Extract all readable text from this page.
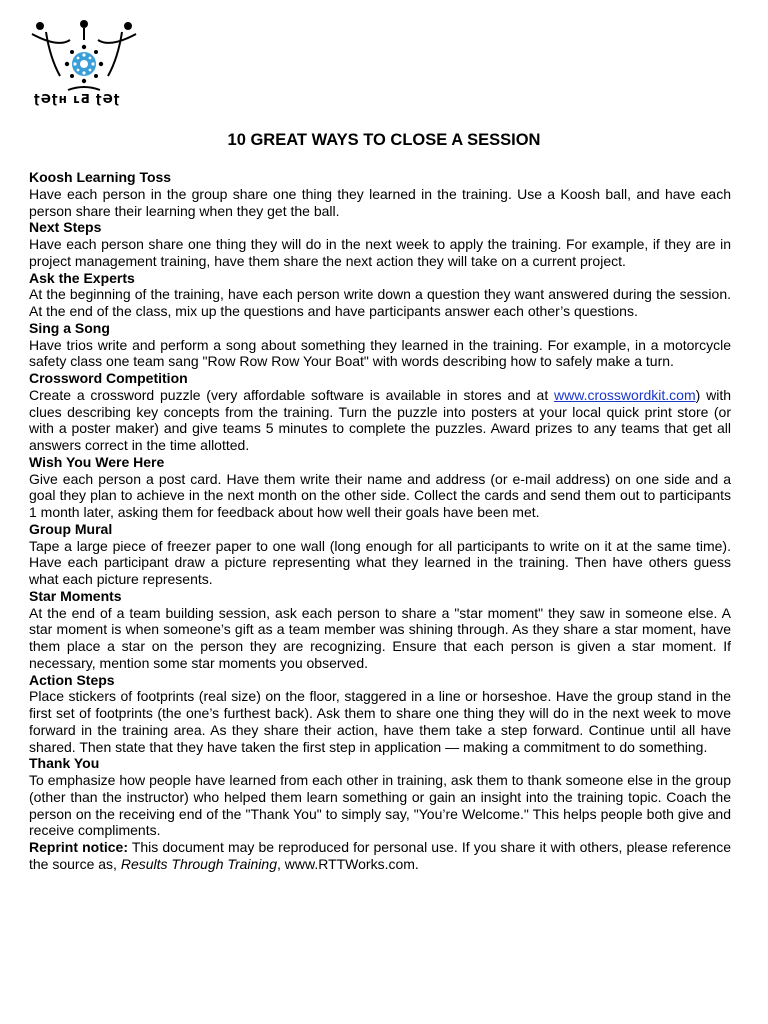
ʈƏʈʜ ʟƋ ʈƏʈ
10 GREAT WAYS TO CLOSE A SESSION
Koosh Learning Toss

Have each person in the group share one thing they learned in the training. Use a Koosh ball, and have each person share their learning when they get the ball.

Next Steps

Have each person share one thing they will do in the next week to apply the training. For example, if they are in project management training, have them share the next action they will take on a current project.

Ask the Experts

At the beginning of the training, have each person write down a question they want answered during the session. At the end of the class, mix up the questions and have participants answer each other’s questions.

Sing a Song

Have trios write and perform a song about something they learned in the training. For example, in a motorcycle safety class one team sang "Row Row Row Your Boat" with words describing how to safely make a turn.

Crossword Competition

Create a crossword puzzle (very affordable software is available in stores and at www.crosswordkit.com) with clues describing key concepts from the training. Turn the puzzle into posters at your local quick print store (or with a poster maker) and give teams 5 minutes to complete the puzzles. Award prizes to any teams that get all answers correct in the time allotted.

Wish You Were Here

Give each person a post card. Have them write their name and address (or e-mail address) on one side and a goal they plan to achieve in the next month on the other side. Collect the cards and send them out to participants 1 month later, asking them for feedback about how well their goals have been met.

Group Mural

Tape a large piece of freezer paper to one wall (long enough for all participants to write on it at the same time). Have each participant draw a picture representing what they learned in the training. Then have others guess what each picture represents.

Star Moments

At the end of a team building session, ask each person to share a "star moment" they saw in someone else. A star moment is when someone’s gift as a team member was shining through. As they share a star moment, have them place a star on the person they are recognizing. Ensure that each person is given a star moment. If necessary, mention some star moments you observed.

Action Steps

Place stickers of footprints (real size) on the floor, staggered in a line or horseshoe. Have the group stand in the first set of footprints (the one’s furthest back). Ask them to share one thing they will do in the next week to move forward in the training area. As they share their action, have them take a step forward. Continue until all have shared. Then state that they have taken the first step in application — making a commitment to do something.

Thank You

To emphasize how people have learned from each other in training, ask them to thank someone else in the group (other than the instructor) who helped them learn something or gain an insight into the training topic. Coach the person on the receiving end of the "Thank You" to simply say, "You’re Welcome." This helps people both give and receive compliments.

Reprint notice: This document may be reproduced for personal use. If you share it with others, please reference the source as, Results Through Training, www.RTTWorks.com.
